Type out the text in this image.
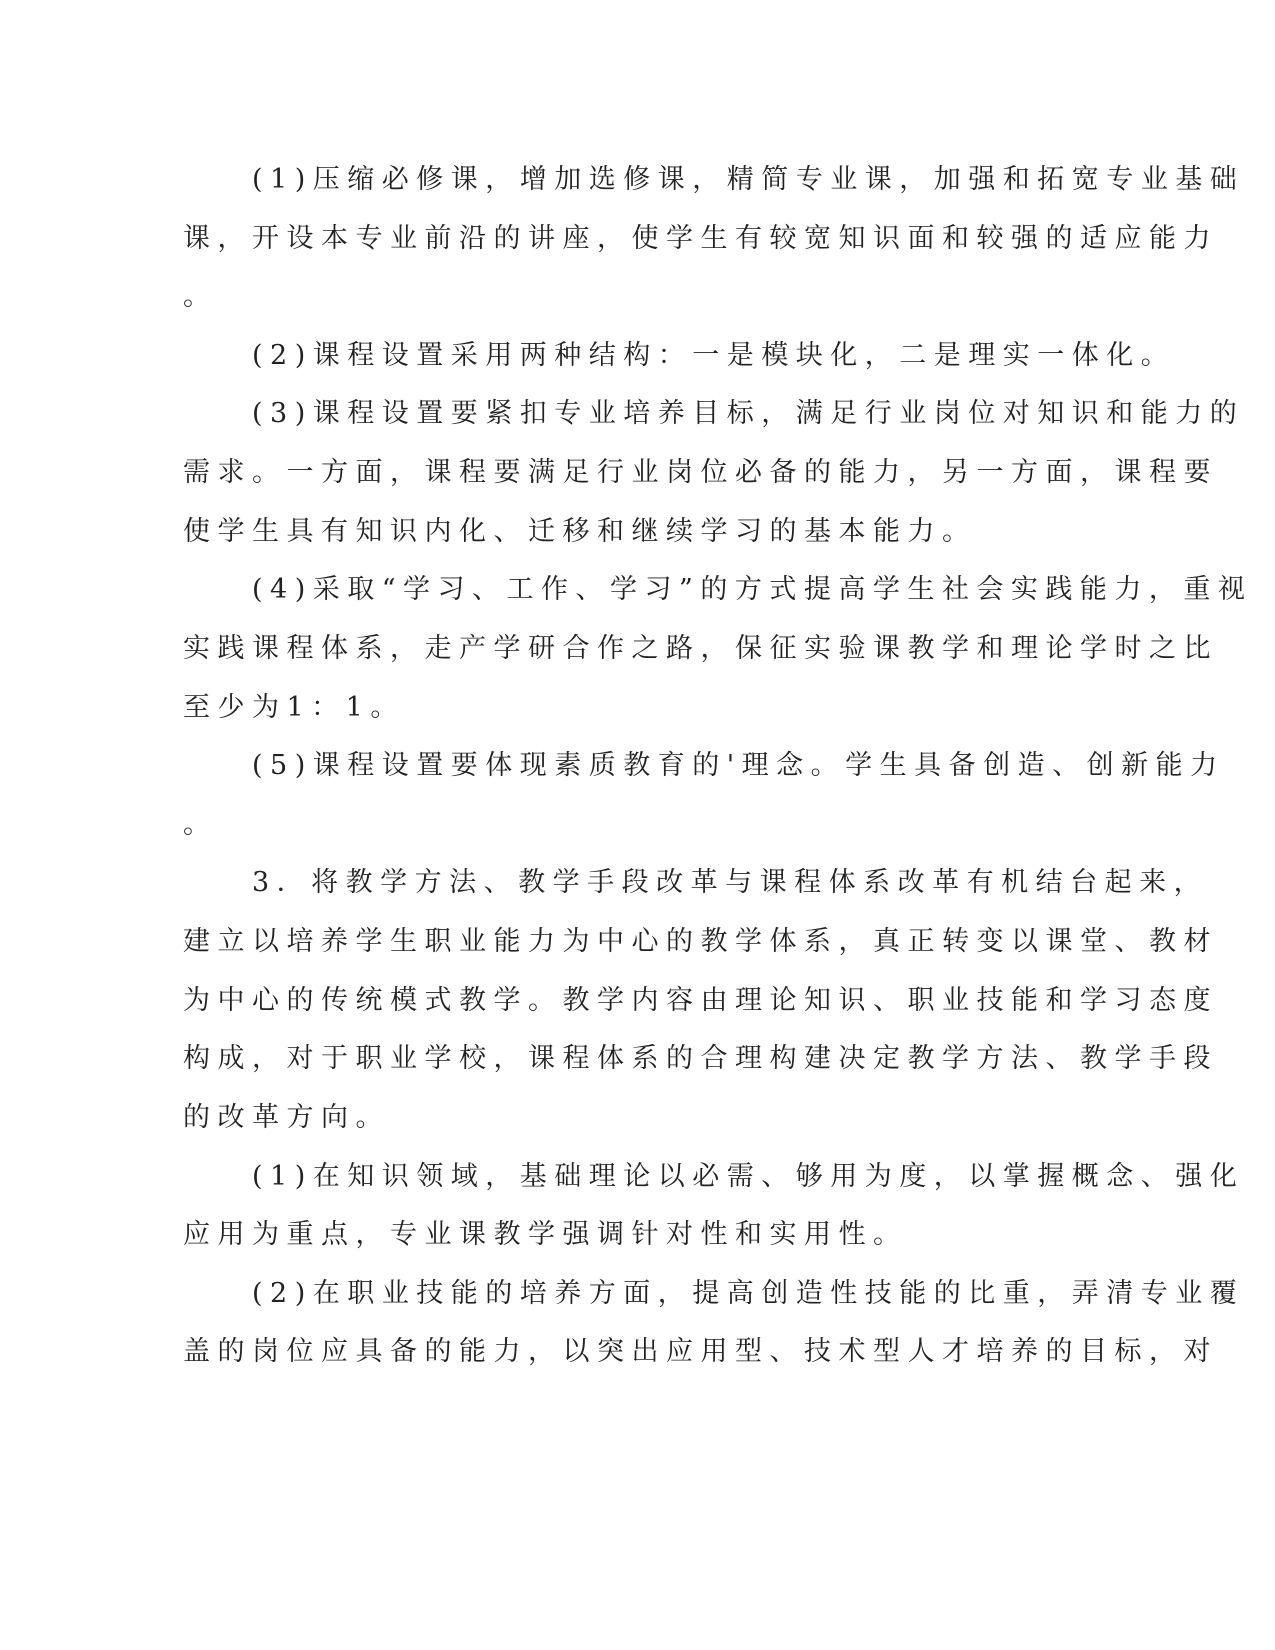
(1)压缩必修课，增加选修课，精简专业课，加强和拓宽专业基础

课，开设本专业前沿的讲座，使学生有较宽知识面和较强的适应能力

。

(2)课程设置采用两种结构：一是模块化，二是理实一体化。

(3)课程设置要紧扣专业培养目标，满足行业岗位对知识和能力的

需求。一方面，课程要满足行业岗位必备的能力，另一方面，课程要

使学生具有知识内化、迁移和继续学习的基本能力。

(4)采取“学习、工作、学习”的方式提高学生社会实践能力，重视

实践课程体系，走产学研合作之路，保征实验课教学和理论学时之比

至少为1：1。

(5)课程设置要体现素质教育的'理念。学生具备创造、创新能力

。

3．将教学方法、教学手段改革与课程体系改革有机结台起来，

建立以培养学生职业能力为中心的教学体系，真正转变以课堂、教材

为中心的传统模式教学。教学内容由理论知识、职业技能和学习态度

构成，对于职业学校，课程体系的合理构建决定教学方法、教学手段

的改革方向。

(1)在知识领域，基础理论以必需、够用为度，以掌握概念、强化

应用为重点，专业课教学强调针对性和实用性。

(2)在职业技能的培养方面，提高创造性技能的比重，弄清专业覆

盖的岗位应具备的能力，以突出应用型、技术型人才培养的目标，对
